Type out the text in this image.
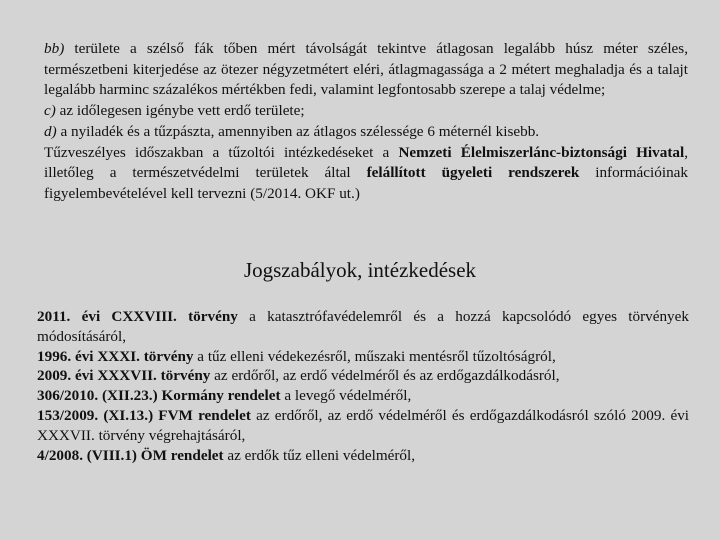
bb) területe a szélső fák tőben mért távolságát tekintve átlagosan legalább húsz méter széles, természetbeni kiterjedése az ötezer négyzetmétert eléri, átlagmagassága a 2 métert meghaladja és a talajt legalább harminc százalékos mértékben fedi, valamint legfontosabb szerepe a talaj védelme;

c) az időlegesen igénybe vett erdő területe;

d) a nyiladék és a tűzpászta, amennyiben az átlagos szélessége 6 méternél kisebb.

Tűzveszélyes időszakban a tűzoltói intézkedéseket a Nemzeti Élelmiszerlánc-biztonsági Hivatal, illetőleg a természetvédelmi területek által felállított ügyeleti rendszerek információinak figyelembevételével kell tervezni (5/2014. OKF ut.)

Jogszabályok, intézkedések

2011. évi CXXVIII. törvény a katasztrófavédelemről és a hozzá kapcsolódó egyes törvények módosításáról,

1996. évi XXXI. törvény a tűz elleni védekezésről, műszaki mentésről tűzoltóságról,

2009. évi XXXVII. törvény az erdőről, az erdő védelméről és az erdőgazdálkodásról,

306/2010. (XII.23.) Kormány rendelet a levegő védelméről,

153/2009. (XI.13.) FVM rendelet az erdőről, az erdő védelméről és erdőgazdálkodásról szóló 2009. évi XXXVII. törvény végrehajtásáról,

4/2008. (VIII.1) ÖM rendelet az erdők tűz elleni védelméről,
